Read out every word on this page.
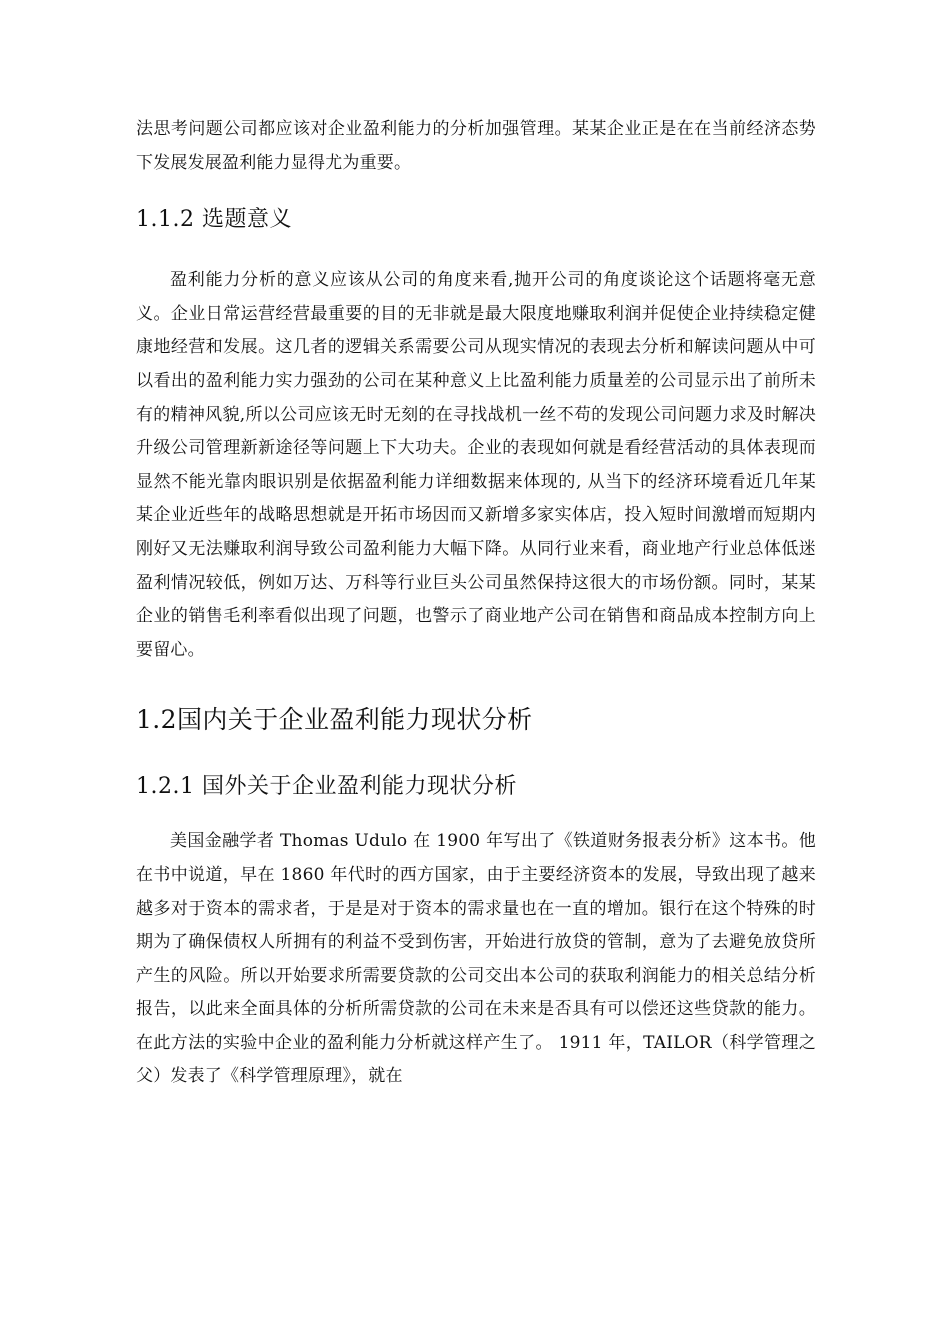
法思考问题公司都应该对企业盈利能力的分析加强管理。某某企业正是在在当前经济态势下发展发展盈利能力显得尤为重要。

1.1.2 选题意义

盈利能力分析的意义应该从公司的角度来看,抛开公司的角度谈论这个话题将毫无意义。企业日常运营经营最重要的目的无非就是最大限度地赚取利润并促使企业持续稳定健康地经营和发展。这几者的逻辑关系需要公司从现实情况的表现去分析和解读问题从中可以看出的盈利能力实力强劲的公司在某种意义上比盈利能力质量差的公司显示出了前所未有的精神风貌,所以公司应该无时无刻的在寻找战机一丝不苟的发现公司问题力求及时解决升级公司管理新新途径等问题上下大功夫。企业的表现如何就是看经营活动的具体表现而显然不能光靠肉眼识别是依据盈利能力详细数据来体现的, 从当下的经济环境看近几年某某企业近些年的战略思想就是开拓市场因而又新增多家实体店，投入短时间激增而短期内刚好又无法赚取利润导致公司盈利能力大幅下降。从同行业来看，商业地产行业总体低迷盈利情况较低，例如万达、万科等行业巨头公司虽然保持这很大的市场份额。同时，某某企业的销售毛利率看似出现了问题，也警示了商业地产公司在销售和商品成本控制方向上要留心。

1.2国内关于企业盈利能力现状分析
1.2.1 国外关于企业盈利能力现状分析

美国金融学者 Thomas Udulo 在 1900 年写出了《铁道财务报表分析》这本书。他在书中说道，早在 1860 年代时的西方国家，由于主要经济资本的发展，导致出现了越来越多对于资本的需求者，于是是对于资本的需求量也在一直的增加。银行在这个特殊的时期为了确保债权人所拥有的利益不受到伤害，开始进行放贷的管制，意为了去避免放贷所产生的风险。所以开始要求所需要贷款的公司交出本公司的获取利润能力的相关总结分析报告，以此来全面具体的分析所需贷款的公司在未来是否具有可以偿还这些贷款的能力。在此方法的实验中企业的盈利能力分析就这样产生了。 1911 年，TAILOR（科学管理之父）发表了《科学管理原理》，就在
